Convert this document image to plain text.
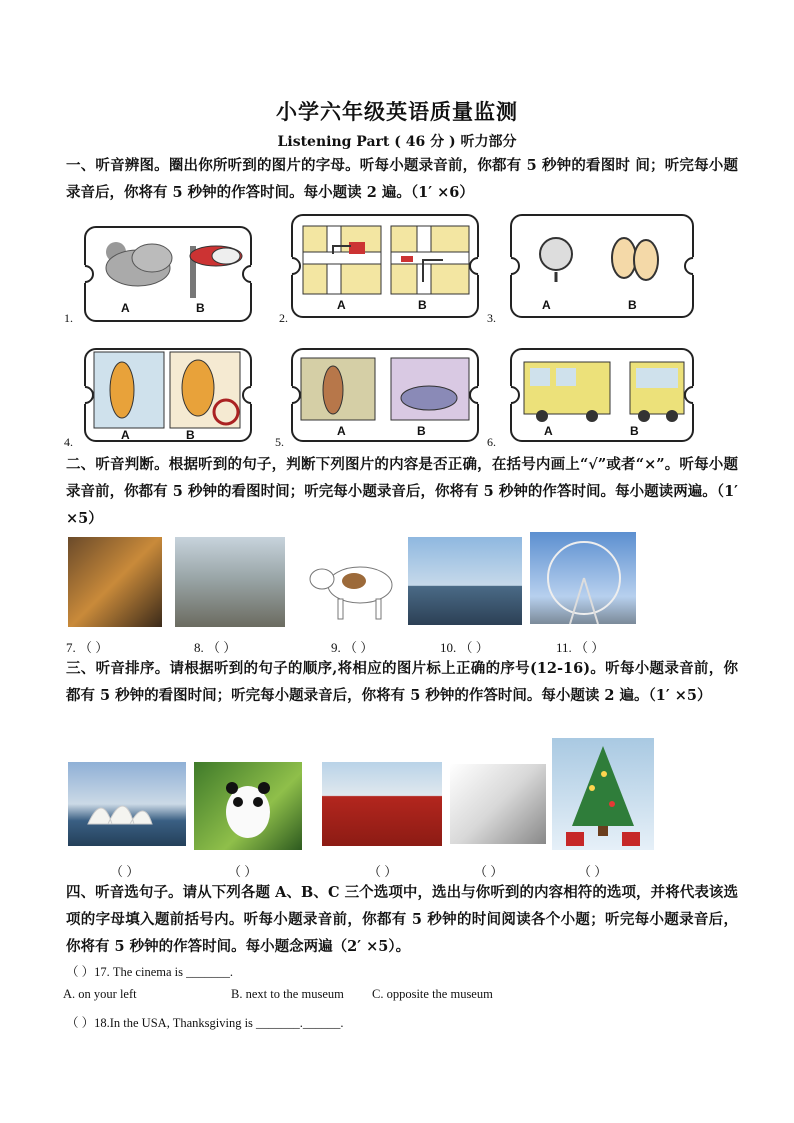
小学六年级英语质量监测
Listening Part ( 46 分 ) 听力部分
一、听音辨图。圈出你所听到的图片的字母。听每小题录音前，你都有 5 秒钟的看图时 间；听完每小题录音后，你将有 5 秒钟的作答时间。每小题读 2 遍。（1′ ×6）
A	B
1.
A	B
2.
A	B
3.
A	B
4.
A	B
5.
A	B
6.
二、听音判断。根据听到的句子，判断下列图片的内容是否正确，在括号内画上“√”或者“×”。听每小题录音前，你都有 5 秒钟的看图时间；听完每小题录音后，你将有 5 秒钟的作答时间。每小题读两遍。（1′ ×5）
7. （ ）	8. （ ）	9. （ ）	10. （ ）	11. （ ）
三、听音排序。请根据听到的句子的顺序,将相应的图片标上正确的序号(12-16)。听每小题录音前，你都有 5 秒钟的看图时间；听完每小题录音后，你将有 5 秒钟的作答时间。每小题读 2 遍。（1′ ×5）
（ ）	（ ）	（ ）	（ ）	（ ）
四、听音选句子。请从下列各题 A、B、C 三个选项中，选出与你听到的内容相符的选项，并将代表该选项的字母填入题前括号内。听每小题录音前，你都有 5 秒钟的时间阅读各个小题；听完每小题录音后，你将有 5 秒钟的作答时间。每小题念两遍（2′ ×5）。
（ ）17. The cinema is _______.
A. on your left	B. next to the museum C. opposite the museum
（ ）18.In the USA, Thanksgiving is _______.______.
